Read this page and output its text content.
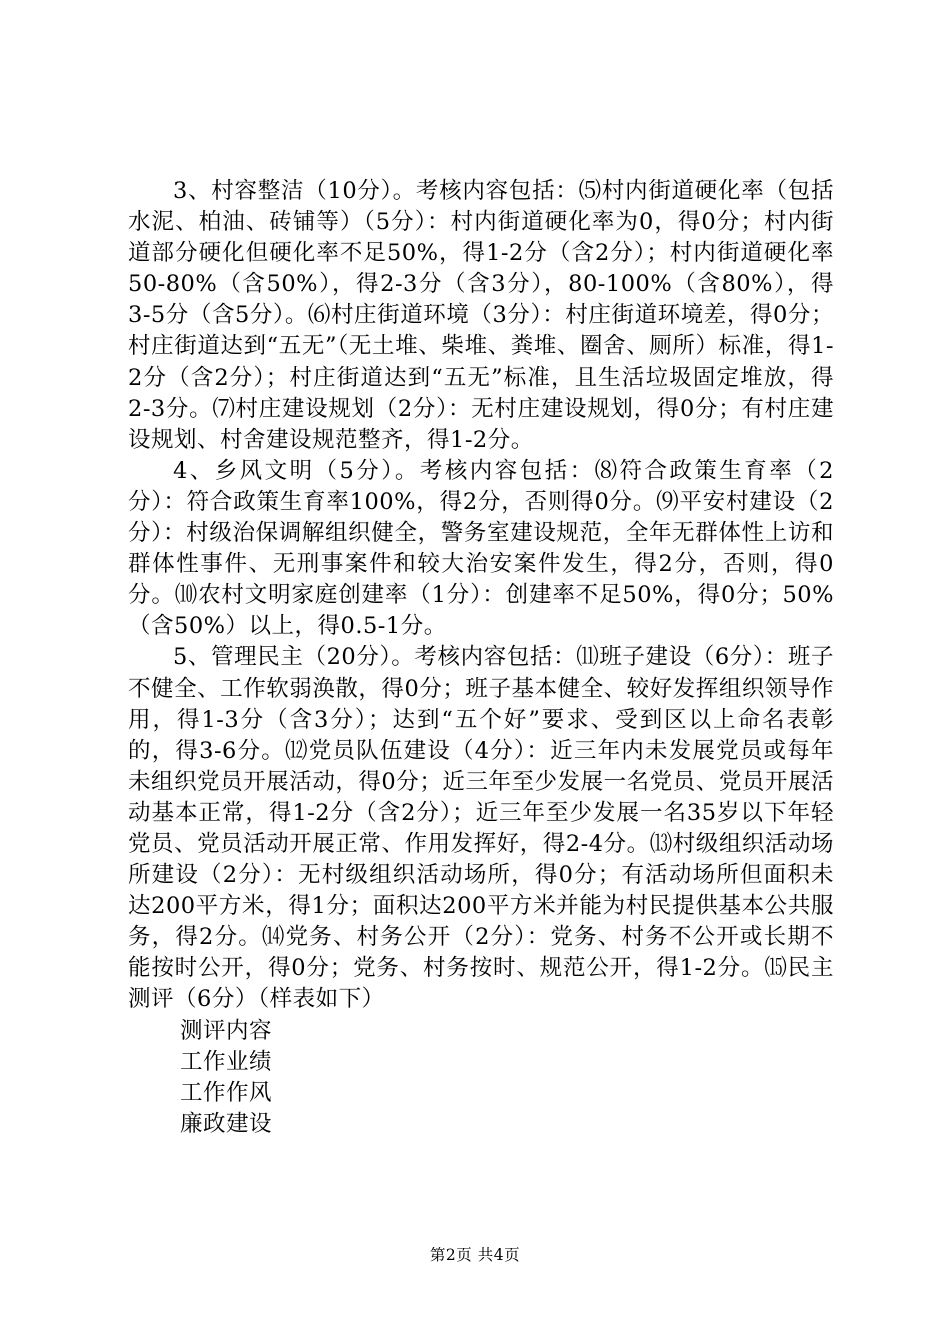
3、村容整洁（10分）。考核内容包括：⑸村内街道硬化率（包括水泥、柏油、砖铺等）（5分）：村内街道硬化率为0，得0分；村内街道部分硬化但硬化率不足50%，得1-2分（含2分）；村内街道硬化率50-80%（含50%），得2-3分（含3分），80-100%（含80%），得3-5分（含5分）。⑹村庄街道环境（3分）：村庄街道环境差，得0分；村庄街道达到“五无”（无土堆、柴堆、粪堆、圈舍、厕所）标准，得1-2分（含2分）；村庄街道达到“五无”标准，且生活垃圾固定堆放，得2-3分。⑺村庄建设规划（2分）：无村庄建设规划，得0分；有村庄建设规划、村舍建设规范整齐，得1-2分。

4、乡风文明（5分）。考核内容包括：⑻符合政策生育率（2分）：符合政策生育率100%，得2分，否则得0分。⑼平安村建设（2分）：村级治保调解组织健全，警务室建设规范，全年无群体性上访和群体性事件、无刑事案件和较大治安案件发生，得2分，否则，得0分。⑽农村文明家庭创建率（1分）：创建率不足50%，得0分；50%（含50%）以上，得0.5-1分。

5、管理民主（20分）。考核内容包括：⑾班子建设（6分）：班子不健全、工作软弱涣散，得0分；班子基本健全、较好发挥组织领导作用，得1-3分（含3分）；达到“五个好”要求、受到区以上命名表彰的，得3-6分。⑿党员队伍建设（4分）：近三年内未发展党员或每年未组织党员开展活动，得0分；近三年至少发展一名党员、党员开展活动基本正常，得1-2分（含2分）；近三年至少发展一名35岁以下年轻党员、党员活动开展正常、作用发挥好，得2-4分。⒀村级组织活动场所建设（2分）：无村级组织活动场所，得0分；有活动场所但面积未达200平方米，得1分；面积达200平方米并能为村民提供基本公共服务，得2分。⒁党务、村务公开（2分）：党务、村务不公开或长期不能按时公开，得0分；党务、村务按时、规范公开，得1-2分。⒂民主测评（6分）（样表如下）

测评内容
工作业绩
工作作风
廉政建设
第2页 共4页
